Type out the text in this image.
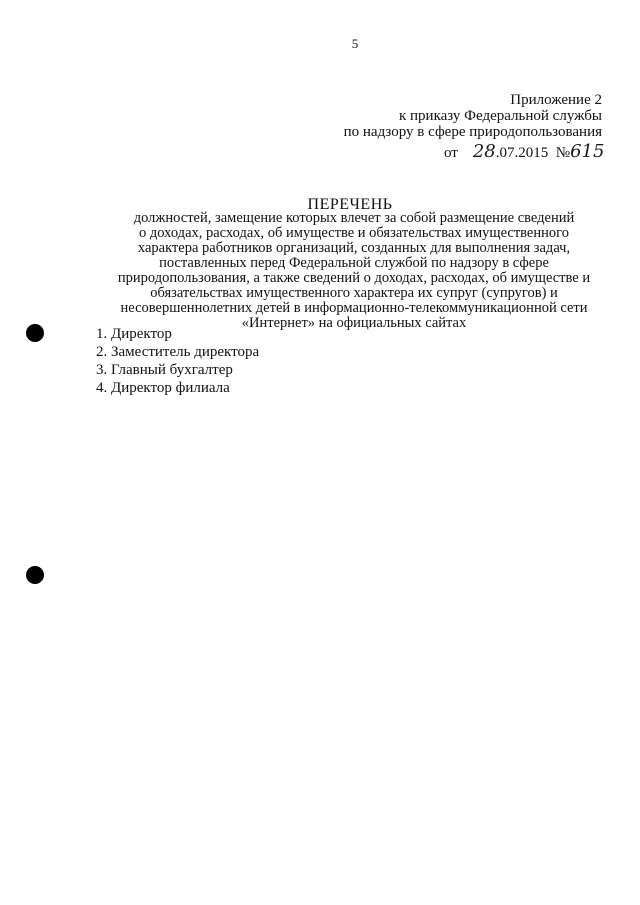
5
Приложение 2
к приказу Федеральной службы
по надзору в сфере природопользования
от 28.07.2015 №615
ПЕРЕЧЕНЬ
должностей, замещение которых влечет за собой размещение сведений
о доходах, расходах, об имуществе и обязательствах имущественного
характера работников организаций, созданных для выполнения задач,
поставленных перед Федеральной службой по надзору в сфере
природопользования, а также сведений о доходах, расходах, об имуществе и
обязательствах имущественного характера их супруг (супругов) и
несовершеннолетних детей в информационно-телекоммуникационной сети
«Интернет» на официальных сайтах
1. Директор
2. Заместитель директора
3. Главный бухгалтер
4. Директор филиала
